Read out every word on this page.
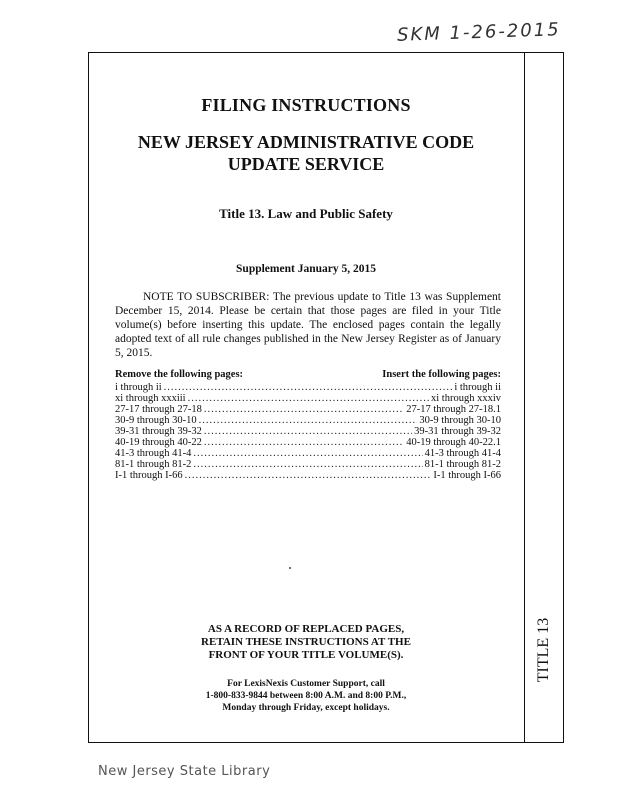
SKM 1-26-2015
TITLE 13
FILING INSTRUCTIONS
NEW JERSEY ADMINISTRATIVE CODE
UPDATE SERVICE
Title 13. Law and Public Safety
Supplement January 5, 2015
NOTE TO SUBSCRIBER: The previous update to Title 13 was Supplement December 15, 2014. Please be certain that those pages are filed in your Title volume(s) before inserting this update. The enclosed pages contain the legally adopted text of all rule changes published in the New Jersey Register as of January 5, 2015.
Remove the following pages:	Insert the following pages:
i through ii .....	i through ii
xi through xxxiii .....	xi through xxxiv
27-17 through 27-18 .....	27-17 through 27-18.1
30-9 through 30-10 .....	30-9 through 30-10
39-31 through 39-32 .....	39-31 through 39-32
40-19 through 40-22 .....	40-19 through 40-22.1
41-3 through 41-4 .....	41-3 through 41-4
81-1 through 81-2 .....	81-1 through 81-2
I-1 through I-66 .....	I-1 through I-66
AS A RECORD OF REPLACED PAGES,
RETAIN THESE INSTRUCTIONS AT THE
FRONT OF YOUR TITLE VOLUME(S).
For LexisNexis Customer Support, call
1-800-833-9844 between 8:00 A.M. and 8:00 P.M.,
Monday through Friday, except holidays.
New Jersey State Library
